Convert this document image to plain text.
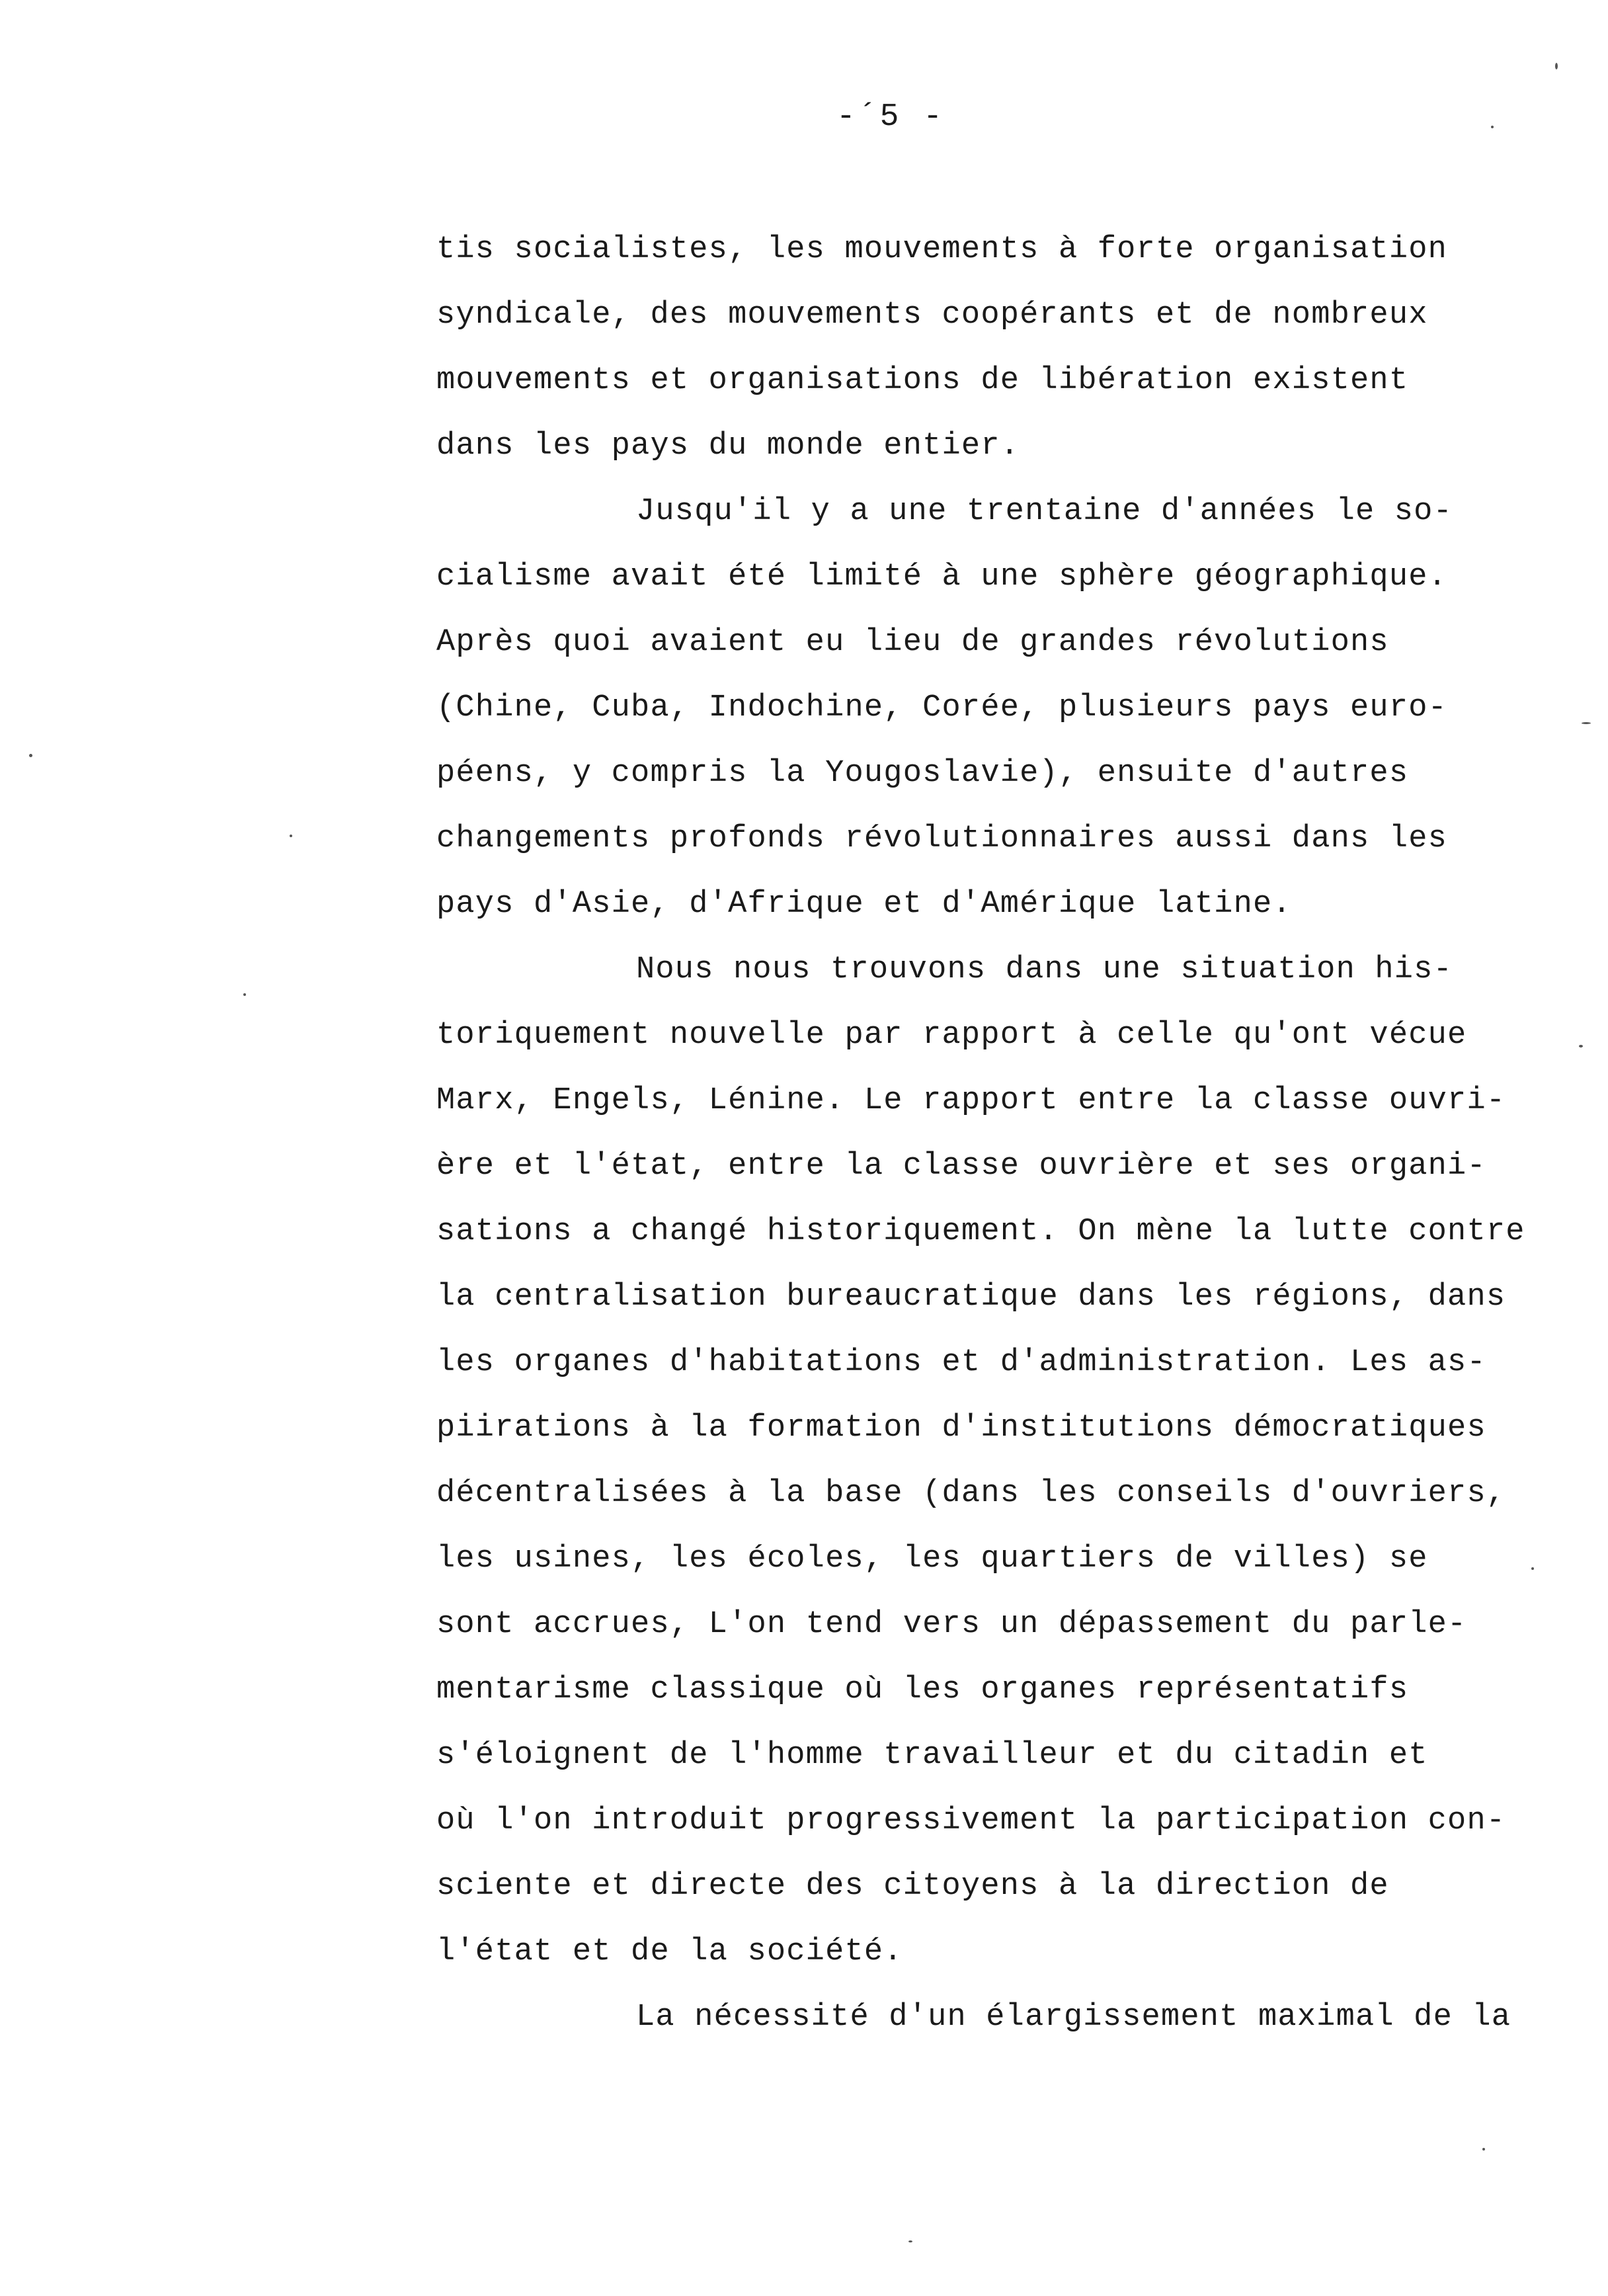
-´5 -
tis socialistes, les mouvements à forte organisation
syndicale, des mouvements coopérants et de nombreux
mouvements et organisations de libération existent
dans les pays du monde entier.
Jusqu'il y a une trentaine d'années le so-
cialisme avait été limité à une sphère géographique.
Après quoi avaient eu lieu de grandes révolutions
(Chine, Cuba, Indochine, Corée, plusieurs pays euro-
péens, y compris la Yougoslavie), ensuite d'autres
changements profonds révolutionnaires aussi dans les
pays d'Asie, d'Afrique et d'Amérique latine.
Nous nous trouvons dans une situation his-
toriquement nouvelle par rapport à celle qu'ont vécue
Marx, Engels, Lénine. Le rapport entre la classe ouvri-
ère et l'état, entre la classe ouvrière et ses organi-
sations a changé historiquement. On mène la lutte contre
la centralisation bureaucratique dans les régions, dans
les organes d'habitations et d'administration. Les as-
piirations à la formation d'institutions démocratiques
décentralisées à la base (dans les conseils d'ouvriers,
les usines, les écoles, les quartiers de villes) se
sont accrues, L'on tend vers un dépassement du parle-
mentarisme classique où les organes représentatifs
s'éloignent de l'homme travailleur et du citadin et
où l'on introduit progressivement la participation con-
sciente et directe des citoyens à la direction de
l'état et de la société.
La nécessité d'un élargissement maximal de la
